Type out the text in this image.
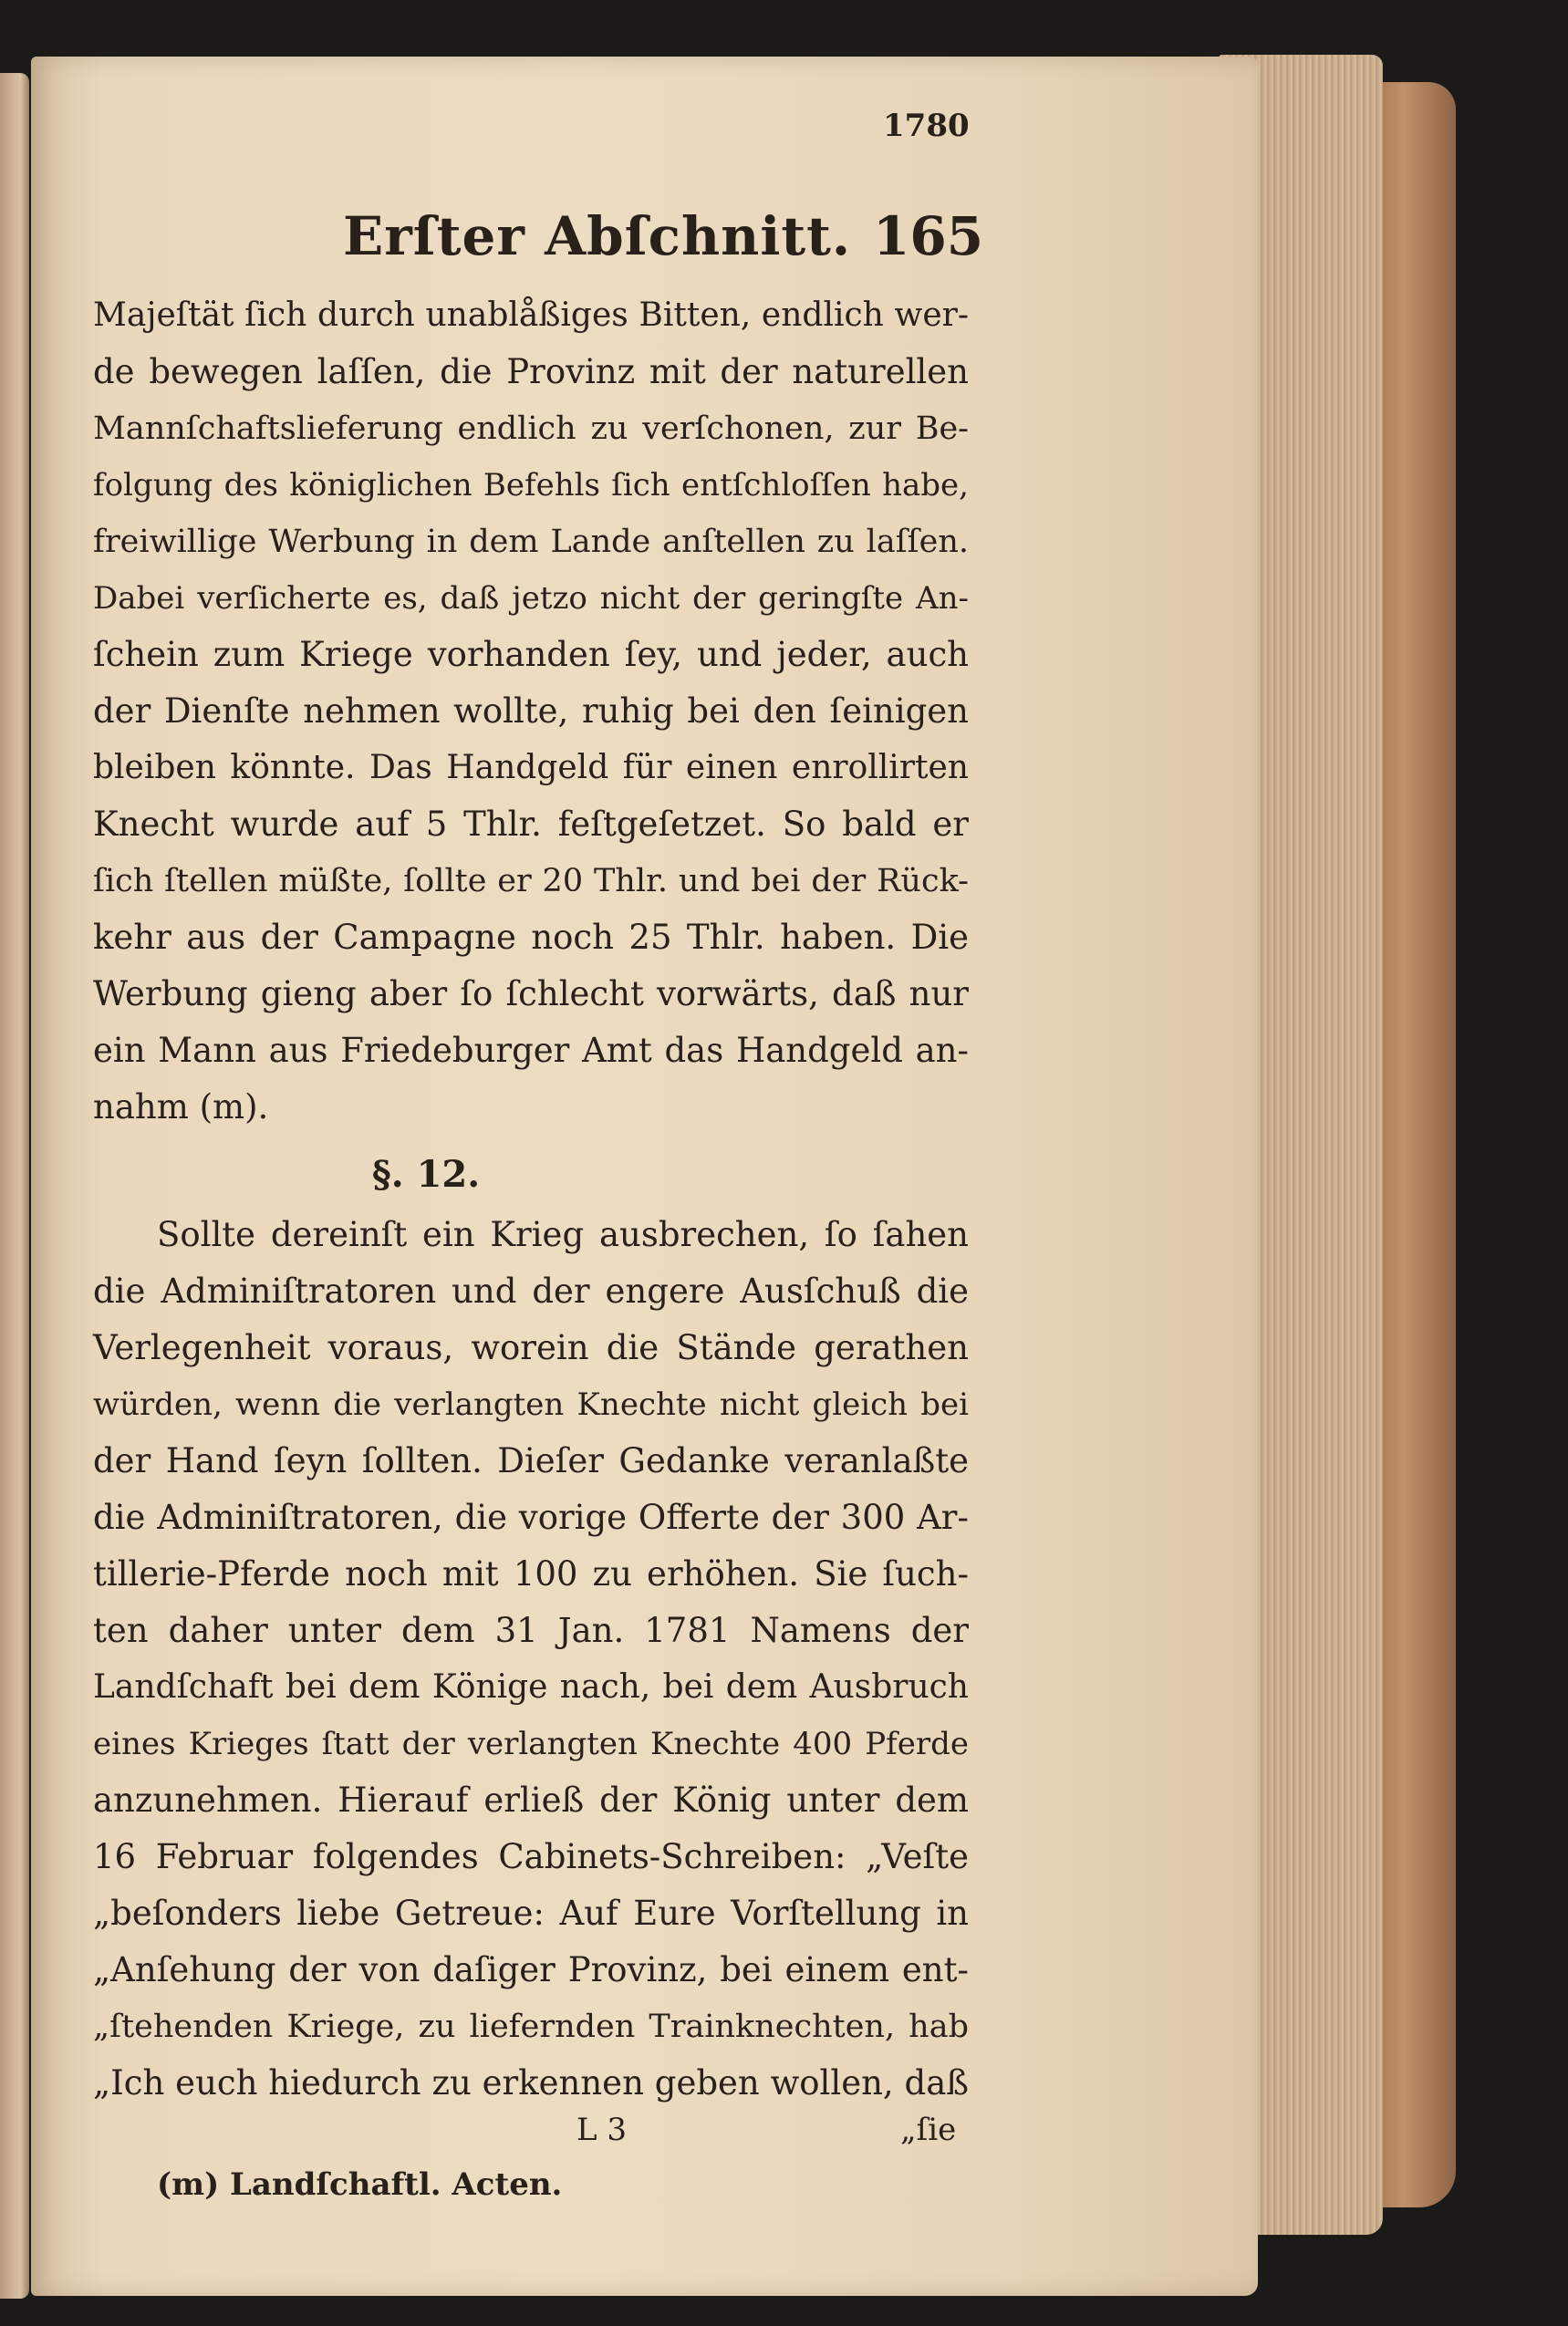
1780
Erſter Abſchnitt. 165
Majeſtät ſich durch unablåßiges Bitten, endlich wer-
de bewegen laſſen, die Provinz mit der naturellen
Mannſchaftslieferung endlich zu verſchonen, zur Be-
folgung des königlichen Befehls ſich entſchloſſen habe,
freiwillige Werbung in dem Lande anſtellen zu laſſen.
Dabei verſicherte es, daß jetzo nicht der geringſte An-
ſchein zum Kriege vorhanden ſey, und jeder, auch
der Dienſte nehmen wollte, ruhig bei den ſeinigen
bleiben könnte. Das Handgeld für einen enrollirten
Knecht wurde auf 5 Thlr. feſtgeſetzet. So bald er
ſich ſtellen müßte, ſollte er 20 Thlr. und bei der Rück-
kehr aus der Campagne noch 25 Thlr. haben. Die
Werbung gieng aber ſo ſchlecht vorwärts, daß nur
ein Mann aus Friedeburger Amt das Handgeld an-
nahm (m).
§. 12.
Sollte dereinſt ein Krieg ausbrechen, ſo ſahen
die Adminiſtratoren und der engere Ausſchuß die
Verlegenheit voraus, worein die Stände gerathen
würden, wenn die verlangten Knechte nicht gleich bei
der Hand ſeyn ſollten. Dieſer Gedanke veranlaßte
die Adminiſtratoren, die vorige Offerte der 300 Ar-
tillerie-Pferde noch mit 100 zu erhöhen. Sie ſuch-
ten daher unter dem 31 Jan. 1781 Namens der
Landſchaft bei dem Könige nach, bei dem Ausbruch
eines Krieges ſtatt der verlangten Knechte 400 Pferde
anzunehmen. Hierauf erließ der König unter dem
16 Februar folgendes Cabinets-Schreiben: „Veſte
„beſonders liebe Getreue: Auf Eure Vorſtellung in
„Anſehung der von daſiger Provinz, bei einem ent-
„ſtehenden Kriege, zu liefernden Trainknechten, hab
„Ich euch hiedurch zu erkennen geben wollen, daß
L 3	„ſie
(m) Landſchaftl. Acten.
